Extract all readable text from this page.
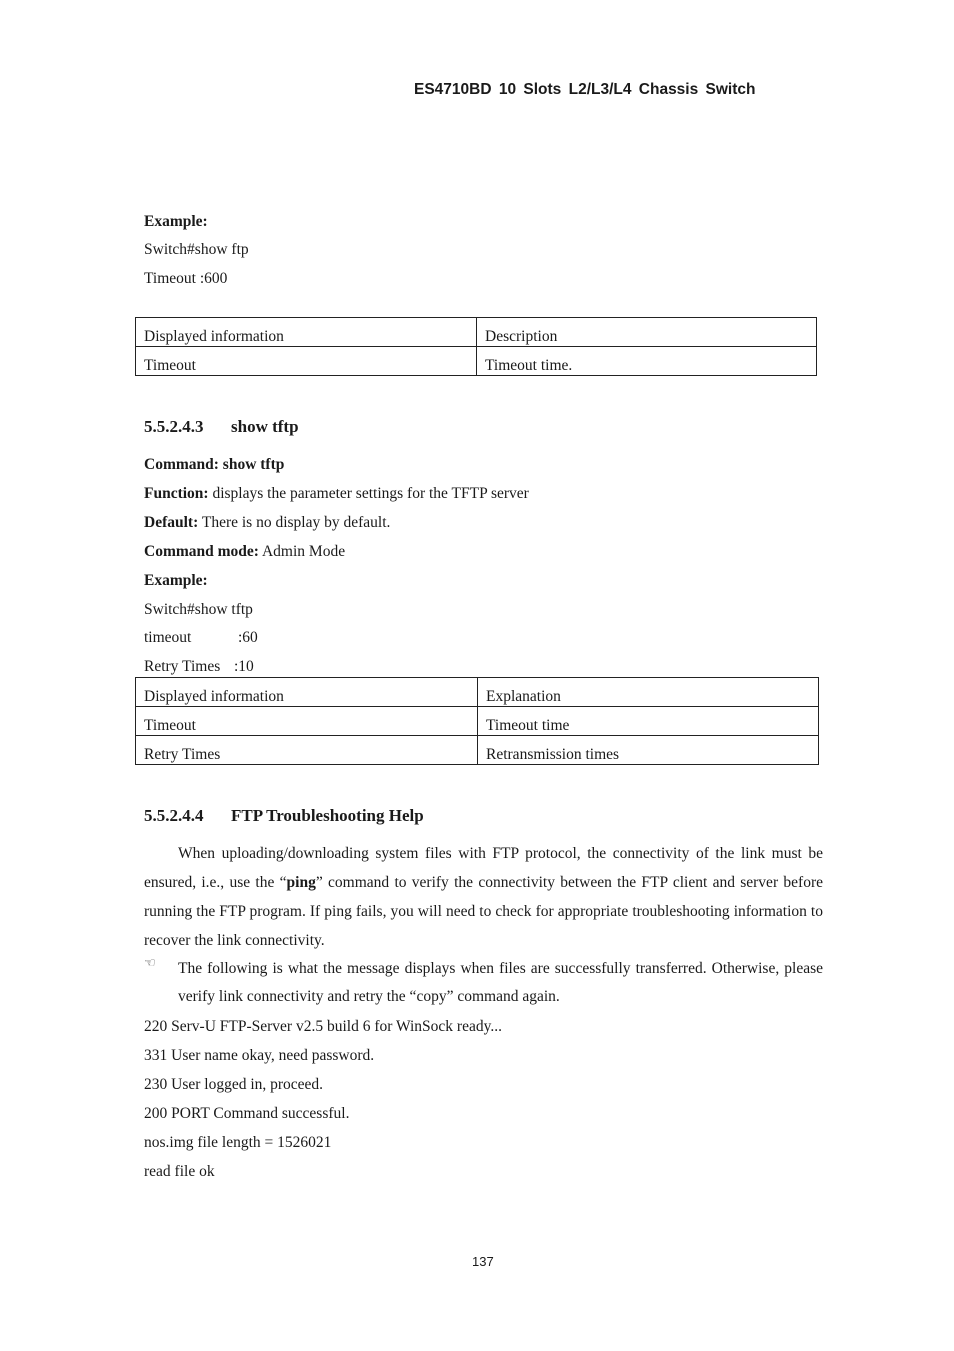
ES4710BD 10 Slots L2/L3/L4 Chassis Switch
Example:
Switch#show ftp
Timeout :600
Displayed information	Description
Timeout	Timeout time.
5.5.2.4.3 show tftp
Command: show tftp
Function: displays the parameter settings for the TFTP server
Default: There is no display by default.
Command mode: Admin Mode
Example:
Switch#show tftp
timeout	:60
Retry Times :10
Displayed information	Explanation
Timeout	Timeout time
Retry Times	Retransmission times
5.5.2.4.4 FTP Troubleshooting Help
When uploading/downloading system files with FTP protocol, the connectivity of the link must be ensured, i.e., use the “ping” command to verify the connectivity between the FTP client and server before running the FTP program. If ping fails, you will need to check for appropriate troubleshooting information to recover the link connectivity.
☜ The following is what the message displays when files are successfully transferred. Otherwise, please verify link connectivity and retry the “copy” command again.
220 Serv-U FTP-Server v2.5 build 6 for WinSock ready...
331 User name okay, need password.
230 User logged in, proceed.
200 PORT Command successful.
nos.img file length = 1526021
read file ok
137
